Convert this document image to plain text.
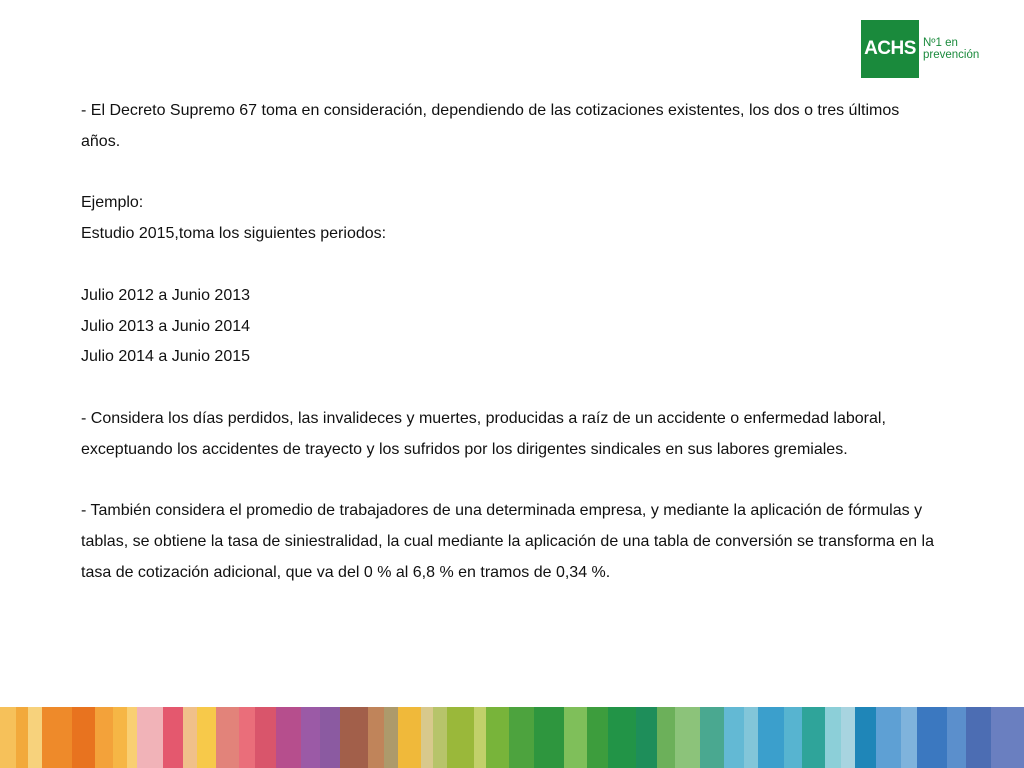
ACHS Nº1 en
prevención

- El Decreto Supremo 67 toma en consideración, dependiendo de las cotizaciones existentes, los dos o tres últimos años.

Ejemplo:

Estudio 2015,toma los siguientes periodos:

Julio 2012 a Junio 2013

Julio 2013 a Junio 2014

Julio 2014 a Junio 2015

- Considera los días perdidos, las invalideces y muertes, producidas a raíz de un accidente o enfermedad laboral, exceptuando los accidentes de trayecto y los sufridos por los dirigentes sindicales en sus labores gremiales.

- También considera el promedio de trabajadores de una determinada empresa, y mediante la aplicación de fórmulas y tablas, se obtiene la tasa de siniestralidad, la cual mediante la aplicación de una tabla de conversión se transforma en la tasa de cotización adicional, que va del 0 % al 6,8 % en tramos de 0,34 %.
